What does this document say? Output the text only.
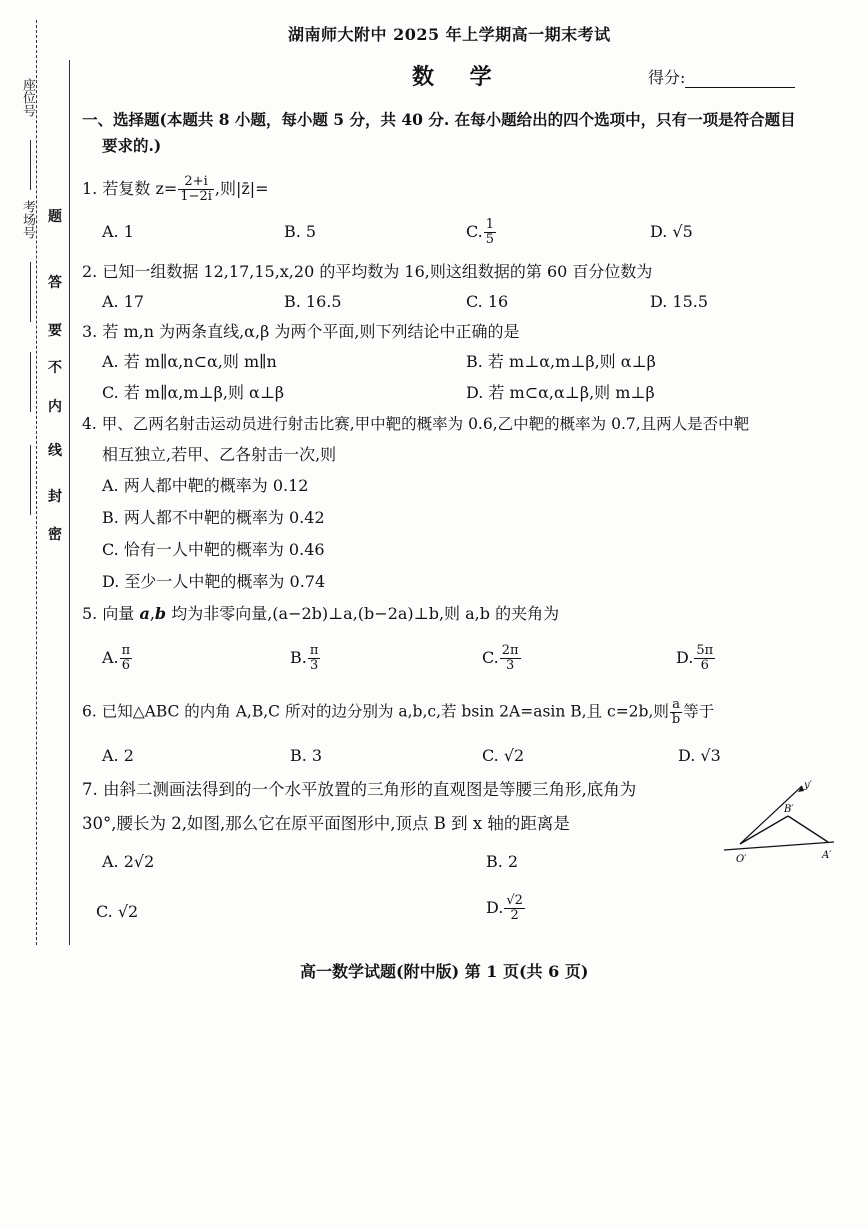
座位号
考场号 题
答
要
不
内
线
封
密
湖南师大附中 2025 年上学期高一期末考试
数 学	得分:
一、选择题(本题共 8 小题，每小题 5 分，共 40 分. 在每小题给出的四个选项中，只有一项是符合题目
要求的.)
1. 若复数 $z= \frac{2+i}{1-2i}$ ,则|z̄|=
A. 1	B. 5	C. $\frac{1}{5}$	D. √5
2. 已知一组数据 12,17,15,x,20 的平均数为 16,则这组数据的第 60 百分位数为
A. 17	B. 16.5	C. 16	D. 15.5
3. 若 m,n 为两条直线,α,β 为两个平面,则下列结论中正确的是
A. 若 m∥α,n⊂α,则 m∥n	B. 若 m⊥α,m⊥β,则 α⊥β
C. 若 m∥α,m⊥β,则 α⊥β	D. 若 m⊂α,α⊥β,则 m⊥β
4. 甲、乙两名射击运动员进行射击比赛,甲中靶的概率为 0.6,乙中靶的概率为 0.7,且两人是否中靶
相互独立,若甲、乙各射击一次,则
A. 两人都中靶的概率为 0.12
B. 两人都不中靶的概率为 0.42
C. 恰有一人中靶的概率为 0.46
D. 至少一人中靶的概率为 0.74
5. 向量 a,b 均为非零向量,(a−2b)⊥a,(b−2a)⊥b,则 a,b 的夹角为
A. $\frac{\pi}{6}$	B. $\frac{\pi}{3}$	C. $\frac{2\pi}{3}$	D. $\frac{5\pi}{6}$
6. 已知△ABC 的内角 A,B,C 所对的边分别为 a,b,c,若 bsin 2A=asin B,且 c=2b,则 $\frac{a}{b}$ 等于
A. 2	B. 3	C. √2	D. √3
7. 由斜二测画法得到的一个水平放置的三角形的直观图是等腰三角形,底角为
30°,腰长为 2,如图,那么它在原平面图形中,顶点 B 到 x 轴的距离是
A. 2√2	B. 2
C. √2	D. $\frac{√2}{2}$
y′
B′
O′	A′
高一数学试题(附中版) 第 1 页(共 6 页)
